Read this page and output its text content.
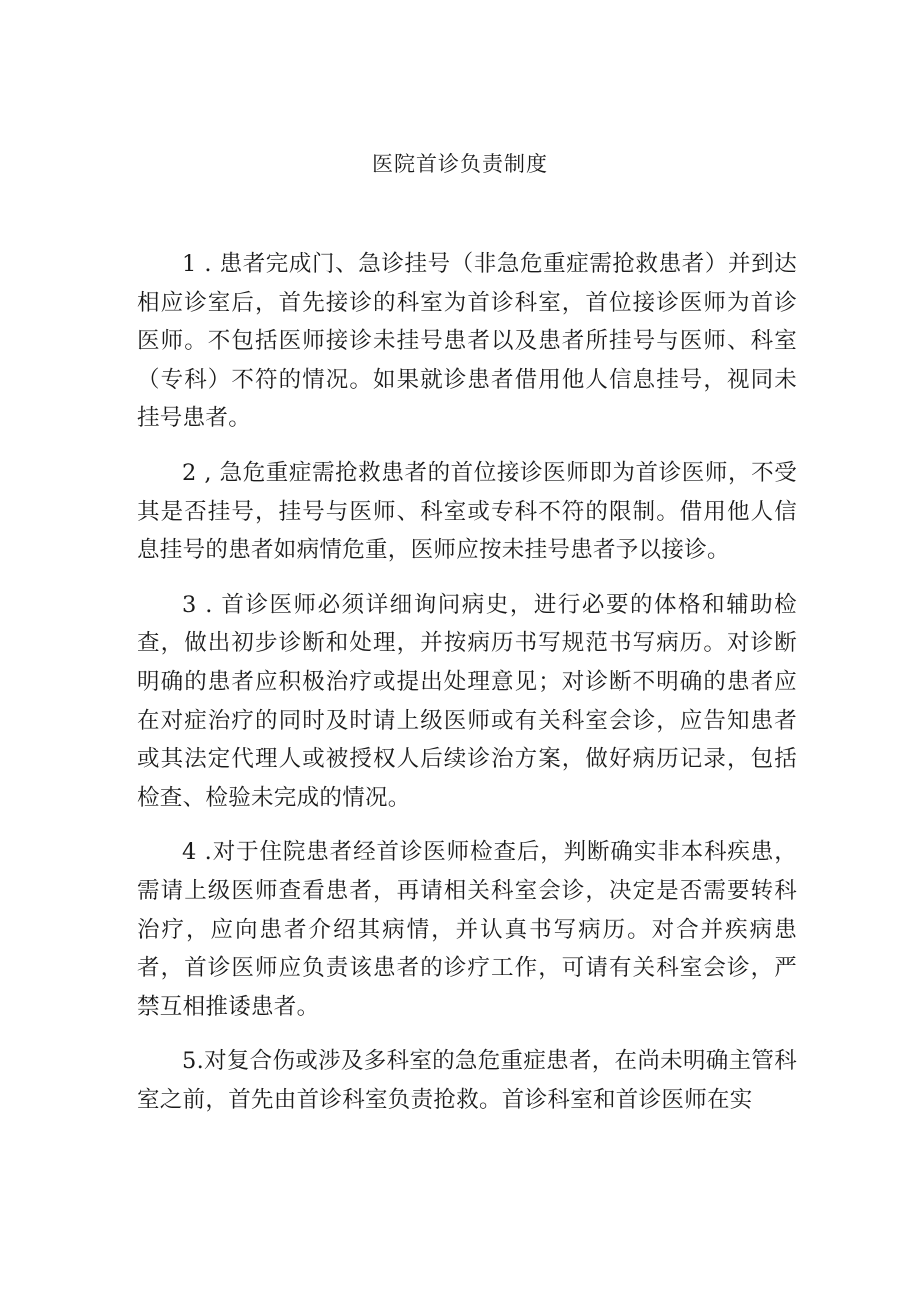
医院首诊负责制度

1 . 患者完成门、急诊挂号（非急危重症需抢救患者）并到达相应诊室后，首先接诊的科室为首诊科室，首位接诊医师为首诊医师。不包括医师接诊未挂号患者以及患者所挂号与医师、科室（专科）不符的情况。如果就诊患者借用他人信息挂号，视同未挂号患者。

2 , 急危重症需抢救患者的首位接诊医师即为首诊医师，不受其是否挂号，挂号与医师、科室或专科不符的限制。借用他人信息挂号的患者如病情危重，医师应按未挂号患者予以接诊。

3 . 首诊医师必须详细询问病史，进行必要的体格和辅助检查，做出初步诊断和处理，并按病历书写规范书写病历。对诊断明确的患者应积极治疗或提出处理意见；对诊断不明确的患者应在对症治疗的同时及时请上级医师或有关科室会诊，应告知患者或其法定代理人或被授权人后续诊治方案，做好病历记录，包括检查、检验未完成的情况。

4 .对于住院患者经首诊医师检查后，判断确实非本科疾患，需请上级医师查看患者，再请相关科室会诊，决定是否需要转科治疗，应向患者介绍其病情，并认真书写病历。对合并疾病患者，首诊医师应负责该患者的诊疗工作，可请有关科室会诊，严禁互相推诿患者。

5.对复合伤或涉及多科室的急危重症患者，在尚未明确主管科室之前，首先由首诊科室负责抢救。首诊科室和首诊医师在实
